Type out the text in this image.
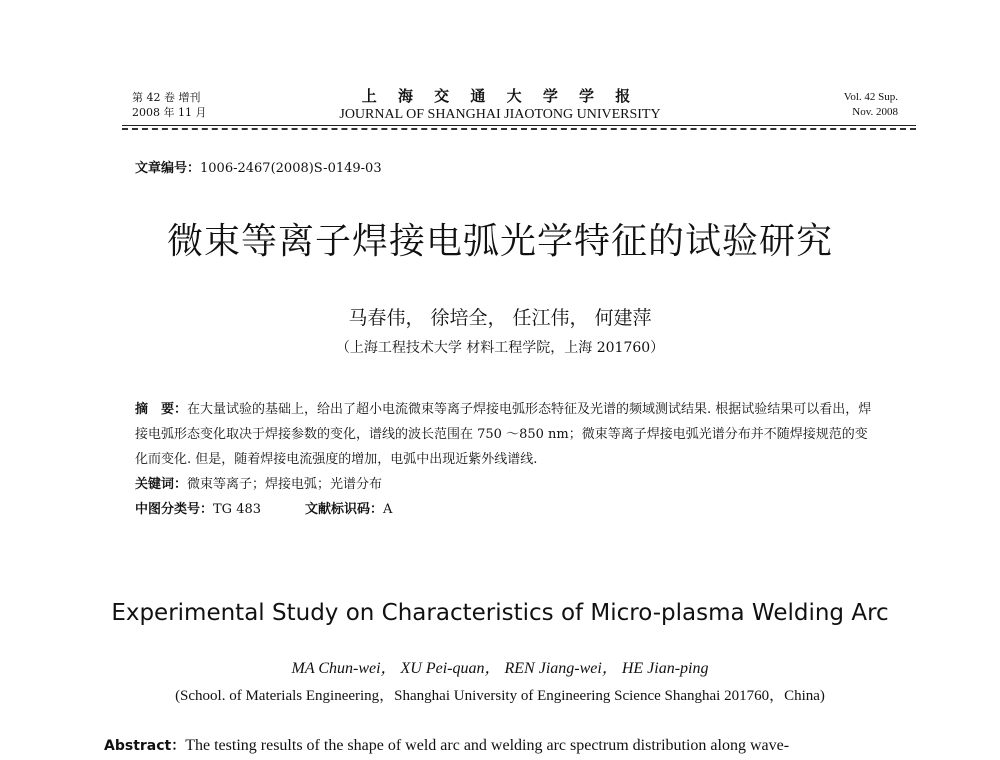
第 42 卷 增刊
2008 年 11 月
上 海 交 通 大 学 学 报
JOURNAL OF SHANGHAI JIAOTONG UNIVERSITY
Vol. 42 Sup.
Nov. 2008
文章编号：1006-2467(2008)S-0149-03
微束等离子焊接电弧光学特征的试验研究
马春伟， 徐培全， 任江伟， 何建萍
（上海工程技术大学 材料工程学院，上海 201760）
摘　要：在大量试验的基础上，给出了超小电流微束等离子焊接电弧形态特征及光谱的频域测试结果. 根据试验结果可以看出，焊接电弧形态变化取决于焊接参数的变化，谱线的波长范围在 750 ～850 nm；微束等离子焊接电弧光谱分布并不随焊接规范的变化而变化. 但是，随着焊接电流强度的增加，电弧中出现近紫外线谱线.
关键词：微束等离子；焊接电弧；光谱分布
中图分类号：TG 483	文献标识码：A
Experimental Study on Characteristics of Micro-plasma Welding Arc
MA Chun-wei， XU Pei-quan， REN Jiang-wei， HE Jian-ping
(School. of Materials Engineering，Shanghai University of Engineering Science Shanghai 201760，China)
Abstract：The testing results of the shape of weld arc and welding arc spectrum distribution along wave-
